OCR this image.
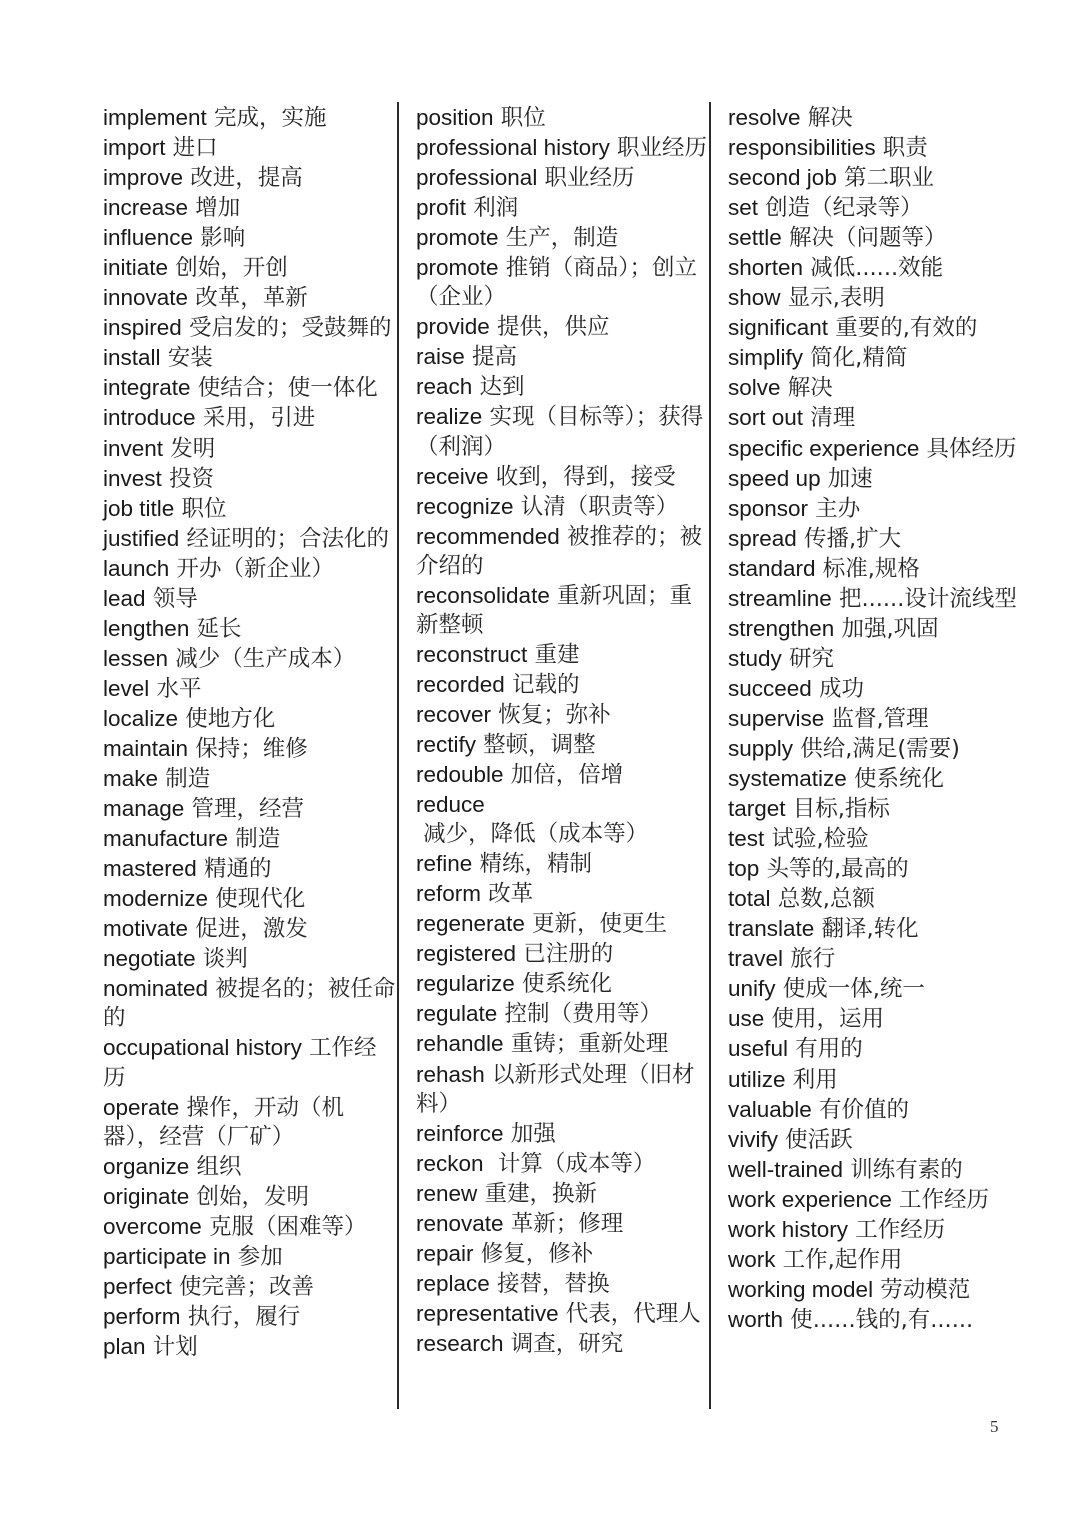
implement 完成，实施
import 进口
improve 改进，提高
increase 增加
influence 影响
initiate 创始，开创
innovate 改革，革新
inspired 受启发的；受鼓舞的
install 安装
integrate 使结合；使一体化
introduce 采用，引进
invent 发明
invest 投资
job title 职位
justified 经证明的；合法化的
launch 开办（新企业）
lead 领导
lengthen 延长
lessen 减少（生产成本）
level 水平
localize 使地方化
maintain 保持；维修
make 制造
manage 管理，经营
manufacture 制造
mastered 精通的
modernize 使现代化
motivate 促进，激发
negotiate 谈判
nominated 被提名的；被任命的
occupational history 工作经历
operate 操作，开动（机器），经营（厂矿）
organize 组织
originate 创始，发明
overcome 克服（困难等）
participate in 参加
perfect 使完善；改善
perform 执行，履行
plan 计划
position 职位
professional history 职业经历
professional 职业经历
profit 利润
promote 生产，制造
promote 推销（商品）；创立（企业）
provide 提供，供应
raise 提高
reach 达到
realize 实现（目标等）；获得（利润）
receive 收到，得到，接受
recognize 认清（职责等）
recommended 被推荐的；被介绍的
reconsolidate 重新巩固；重新整顿
reconstruct 重建
recorded 记载的
recover 恢复；弥补
rectify 整顿，调整
redouble 加倍，倍增
reduce 减少，降低（成本等）
refine 精练，精制
reform 改革
regenerate 更新，使更生
registered 已注册的
regularize 使系统化
regulate 控制（费用等）
rehandle 重铸；重新处理
rehash 以新形式处理（旧材料）
reinforce 加强
reckon  计算（成本等）
renew 重建，换新
renovate 革新；修理
repair 修复，修补
replace 接替，替换
representative 代表，代理人
research 调查，研究
resolve 解决
responsibilities 职责
second job 第二职业
set 创造（纪录等）
settle 解决（问题等）
shorten 减低......效能
show 显示,表明
significant 重要的,有效的
simplify 简化,精简
solve 解决
sort out 清理
specific experience 具体经历
speed up 加速
sponsor 主办
spread 传播,扩大
standard 标准,规格
streamline 把......设计流线型
strengthen 加强,巩固
study 研究
succeed 成功
supervise 监督,管理
supply 供给,满足(需要)
systematize 使系统化
target 目标,指标
test 试验,检验
top 头等的,最高的
total 总数,总额
translate 翻译,转化
travel 旅行
unify 使成一体,统一
use 使用，运用
useful 有用的
utilize 利用
valuable 有价值的
vivify 使活跃
well-trained 训练有素的
work experience 工作经历
work history 工作经历
work 工作,起作用
working model 劳动模范
worth 使......钱的,有......
5
